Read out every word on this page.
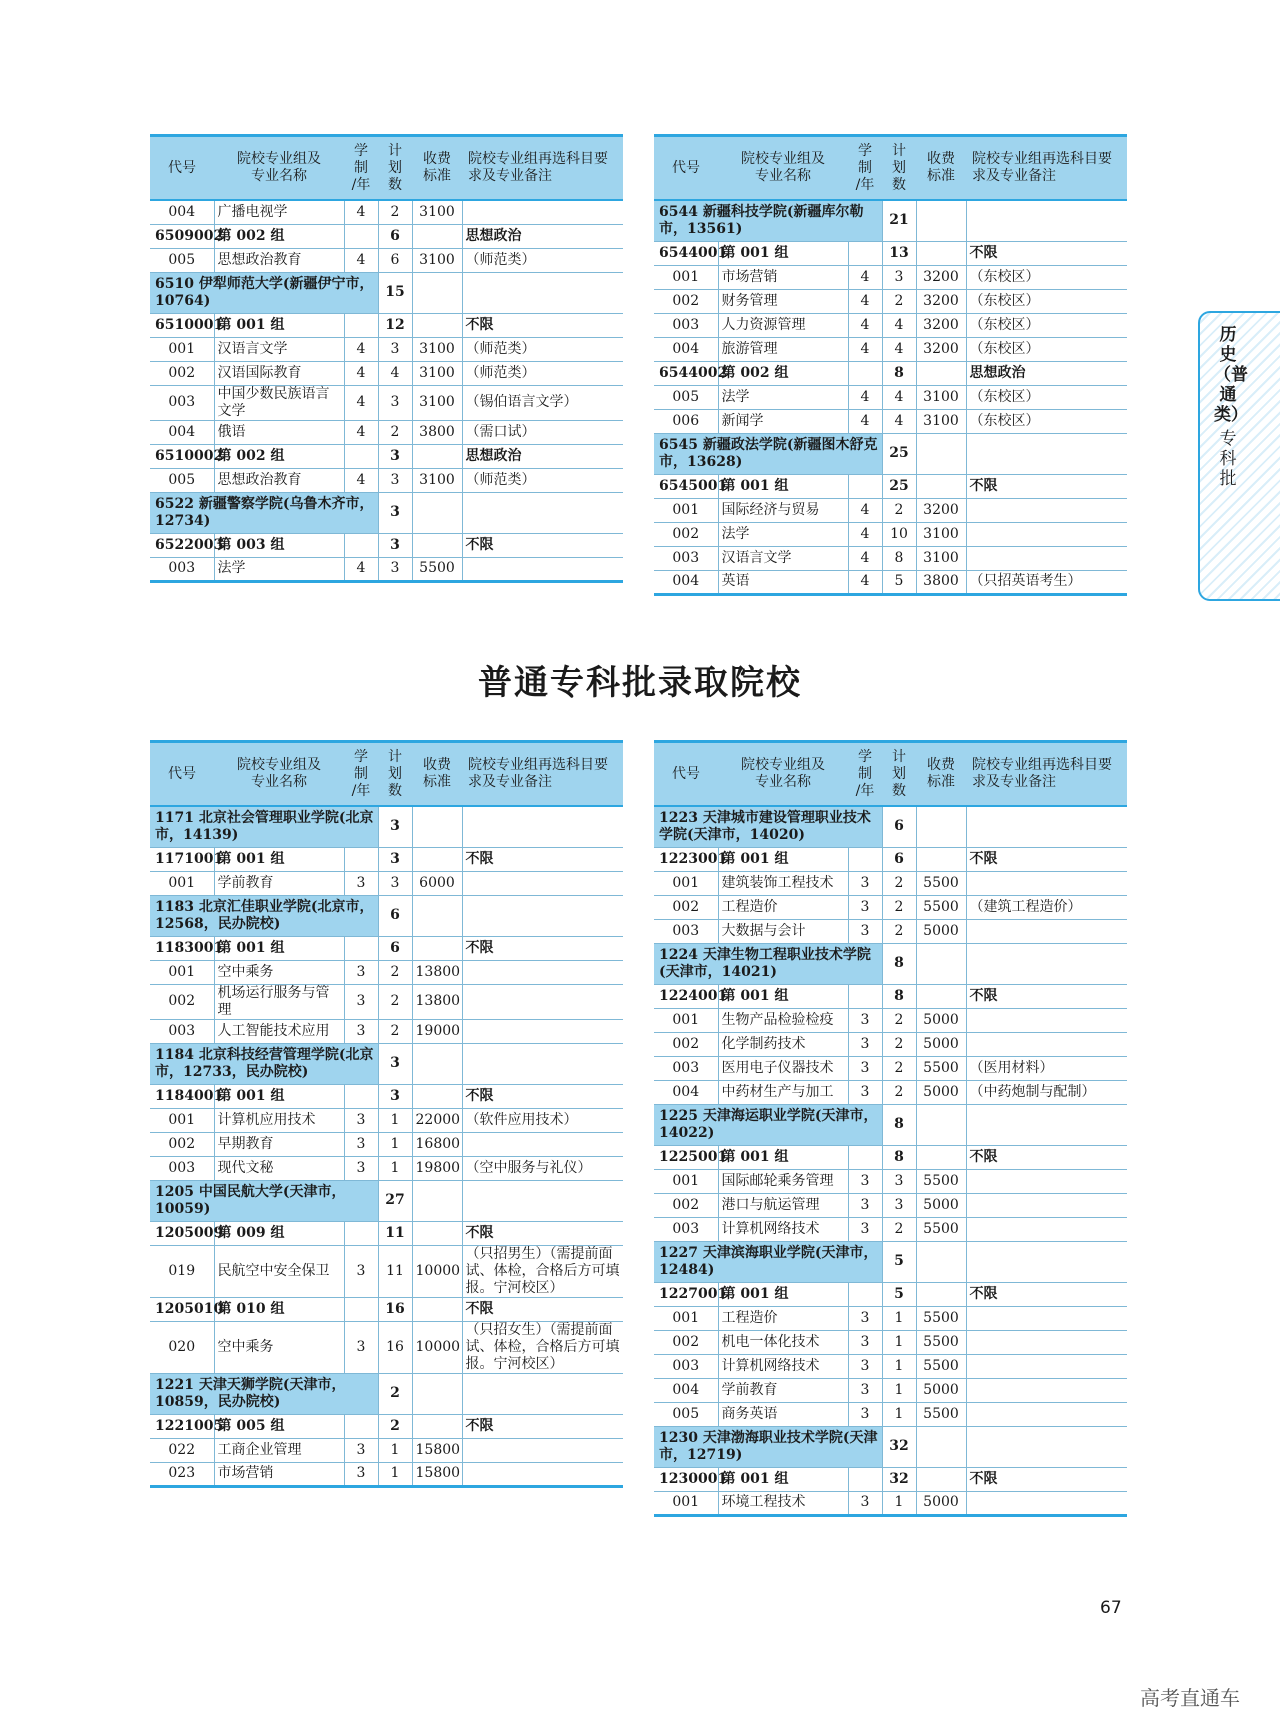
代号	院校专业组及
专业名称	学
制
/年	计
划
数	收费
标准	院校专业组再选科目要
求及专业备注
004	广播电视学	4	2	3100	
6509002	第 002 组		6		思想政治
005	思想政治教育	4	6	3100	（师范类）
6510 伊犁师范大学(新疆伊宁市，10764)			15		
6510001	第 001 组		12		不限
001	汉语言文学	4	3	3100	（师范类）
002	汉语国际教育	4	4	3100	（师范类）
003	中国少数民族语言文学	4	3	3100	（锡伯语言文学）
004	俄语	4	2	3800	（需口试）
6510002	第 002 组		3		思想政治
005	思想政治教育	4	3	3100	（师范类）
6522 新疆警察学院(乌鲁木齐市，12734)			3		
6522003	第 003 组		3		不限
003	法学	4	3	5500	
代号	院校专业组及
专业名称	学
制
/年	计
划
数	收费
标准	院校专业组再选科目要
求及专业备注
6544 新疆科技学院(新疆库尔勒市，13561)			21		
6544001	第 001 组		13		不限
001	市场营销	4	3	3200	（东校区）
002	财务管理	4	2	3200	（东校区）
003	人力资源管理	4	4	3200	（东校区）
004	旅游管理	4	4	3200	（东校区）
6544002	第 002 组		8		思想政治
005	法学	4	4	3100	（东校区）
006	新闻学	4	4	3100	（东校区）
6545 新疆政法学院(新疆图木舒克市，13628)			25		
6545001	第 001 组		25		不限
001	国际经济与贸易	4	2	3200	
002	法学	4	10	3100	
003	汉语言文学	4	8	3100	
004	英语	4	5	3800	（只招英语考生）
普通专科批录取院校
代号	院校专业组及
专业名称	学
制
/年	计
划
数	收费
标准	院校专业组再选科目要
求及专业备注
1171 北京社会管理职业学院(北京市，14139)			3		
1171001	第 001 组		3		不限
001	学前教育	3	3	6000	
1183 北京汇佳职业学院(北京市，12568，民办院校)			6		
1183001	第 001 组		6		不限
001	空中乘务	3	2	13800	
002	机场运行服务与管理	3	2	13800	
003	人工智能技术应用	3	2	19000	
1184 北京科技经营管理学院(北京市，12733，民办院校)			3		
1184001	第 001 组		3		不限
001	计算机应用技术	3	1	22000	（软件应用技术）
002	早期教育	3	1	16800	
003	现代文秘	3	1	19800	（空中服务与礼仪）
1205 中国民航大学(天津市，10059)			27		
1205009	第 009 组		11		不限
019	民航空中安全保卫	3	11	10000	（只招男生）（需提前面试、体检，合格后方可填报。宁河校区）
1205010	第 010 组		16		不限
020	空中乘务	3	16	10000	（只招女生）（需提前面试、体检，合格后方可填报。宁河校区）
1221 天津天狮学院(天津市，10859，民办院校)			2		
1221005	第 005 组		2		不限
022	工商企业管理	3	1	15800	
023	市场营销	3	1	15800	
代号	院校专业组及
专业名称	学
制
/年	计
划
数	收费
标准	院校专业组再选科目要
求及专业备注
1223 天津城市建设管理职业技术学院(天津市，14020)			6		
1223001	第 001 组		6		不限
001	建筑装饰工程技术	3	2	5500	
002	工程造价	3	2	5500	（建筑工程造价）
003	大数据与会计	3	2	5000	
1224 天津生物工程职业技术学院(天津市，14021)			8		
1224001	第 001 组		8		不限
001	生物产品检验检疫	3	2	5000	
002	化学制药技术	3	2	5000	
003	医用电子仪器技术	3	2	5500	（医用材料）
004	中药材生产与加工	3	2	5000	（中药炮制与配制）
1225 天津海运职业学院(天津市，14022)			8		
1225001	第 001 组		8		不限
001	国际邮轮乘务管理	3	3	5500	
002	港口与航运管理	3	3	5000	
003	计算机网络技术	3	2	5500	
1227 天津滨海职业学院(天津市，12484)			5		
1227001	第 001 组		5		不限
001	工程造价	3	1	5500	
002	机电一体化技术	3	1	5500	
003	计算机网络技术	3	1	5500	
004	学前教育	3	1	5000	
005	商务英语	3	1	5500	
1230 天津渤海职业技术学院(天津市，12719)			32		
1230001	第 001 组		32		不限
001	环境工程技术	3	1	5000	
历史（普通类）
专科批
67
高考直通车
